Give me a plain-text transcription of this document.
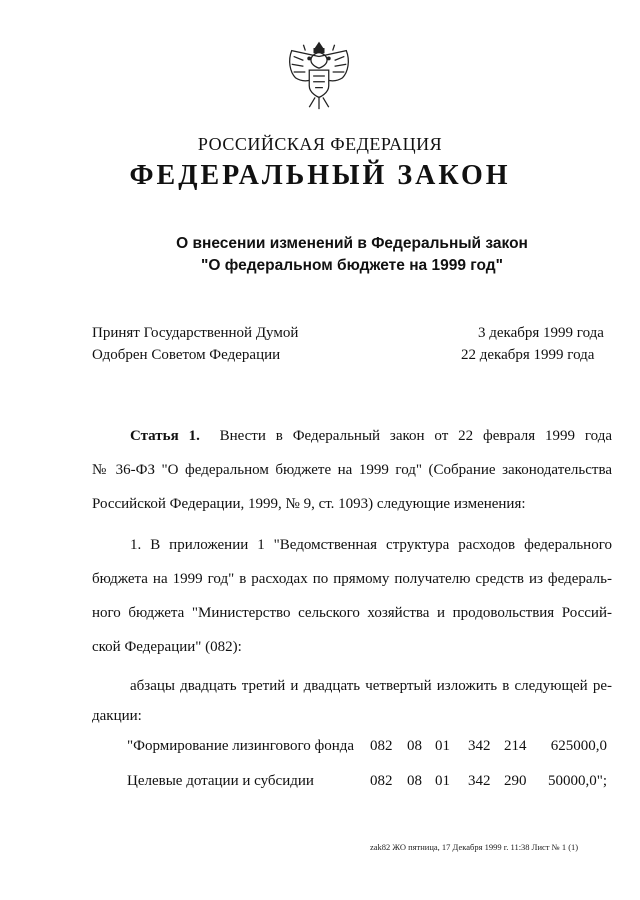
РОССИЙСКАЯ ФЕДЕРАЦИЯ
ФЕДЕРАЛЬНЫЙ ЗАКОН
О внесении изменений в Федеральный закон
"О федеральном бюджете на 1999 год"
Принят Государственной Думой	3 декабря 1999 года
Одобрен Советом Федерации	22 декабря 1999 года
Статья 1. Внести в Федеральный закон от 22 февраля 1999 года
№ 36-ФЗ "О федеральном бюджете на 1999 год" (Собрание законодательства
Российской Федерации, 1999, № 9, ст. 1093) следующие изменения:
1. В приложении 1 "Ведомственная структура расходов федерального
бюджета на 1999 год" в расходах по прямому получателю средств из федераль-
ного бюджета "Министерство сельского хозяйства и продовольствия Россий-
ской Федерации" (082):
абзацы двадцать третий и двадцать четвертый изложить в следующей ре-
дакции:
"Формирование лизингового фонда 082 08 01 342 214 625000,0
Целевые дотации и субсидии	082 08 01 342 290 50000,0";
zak82 ЖО пятница, 17 Декабря 1999 г. 11:38 Лист № 1 (1)
